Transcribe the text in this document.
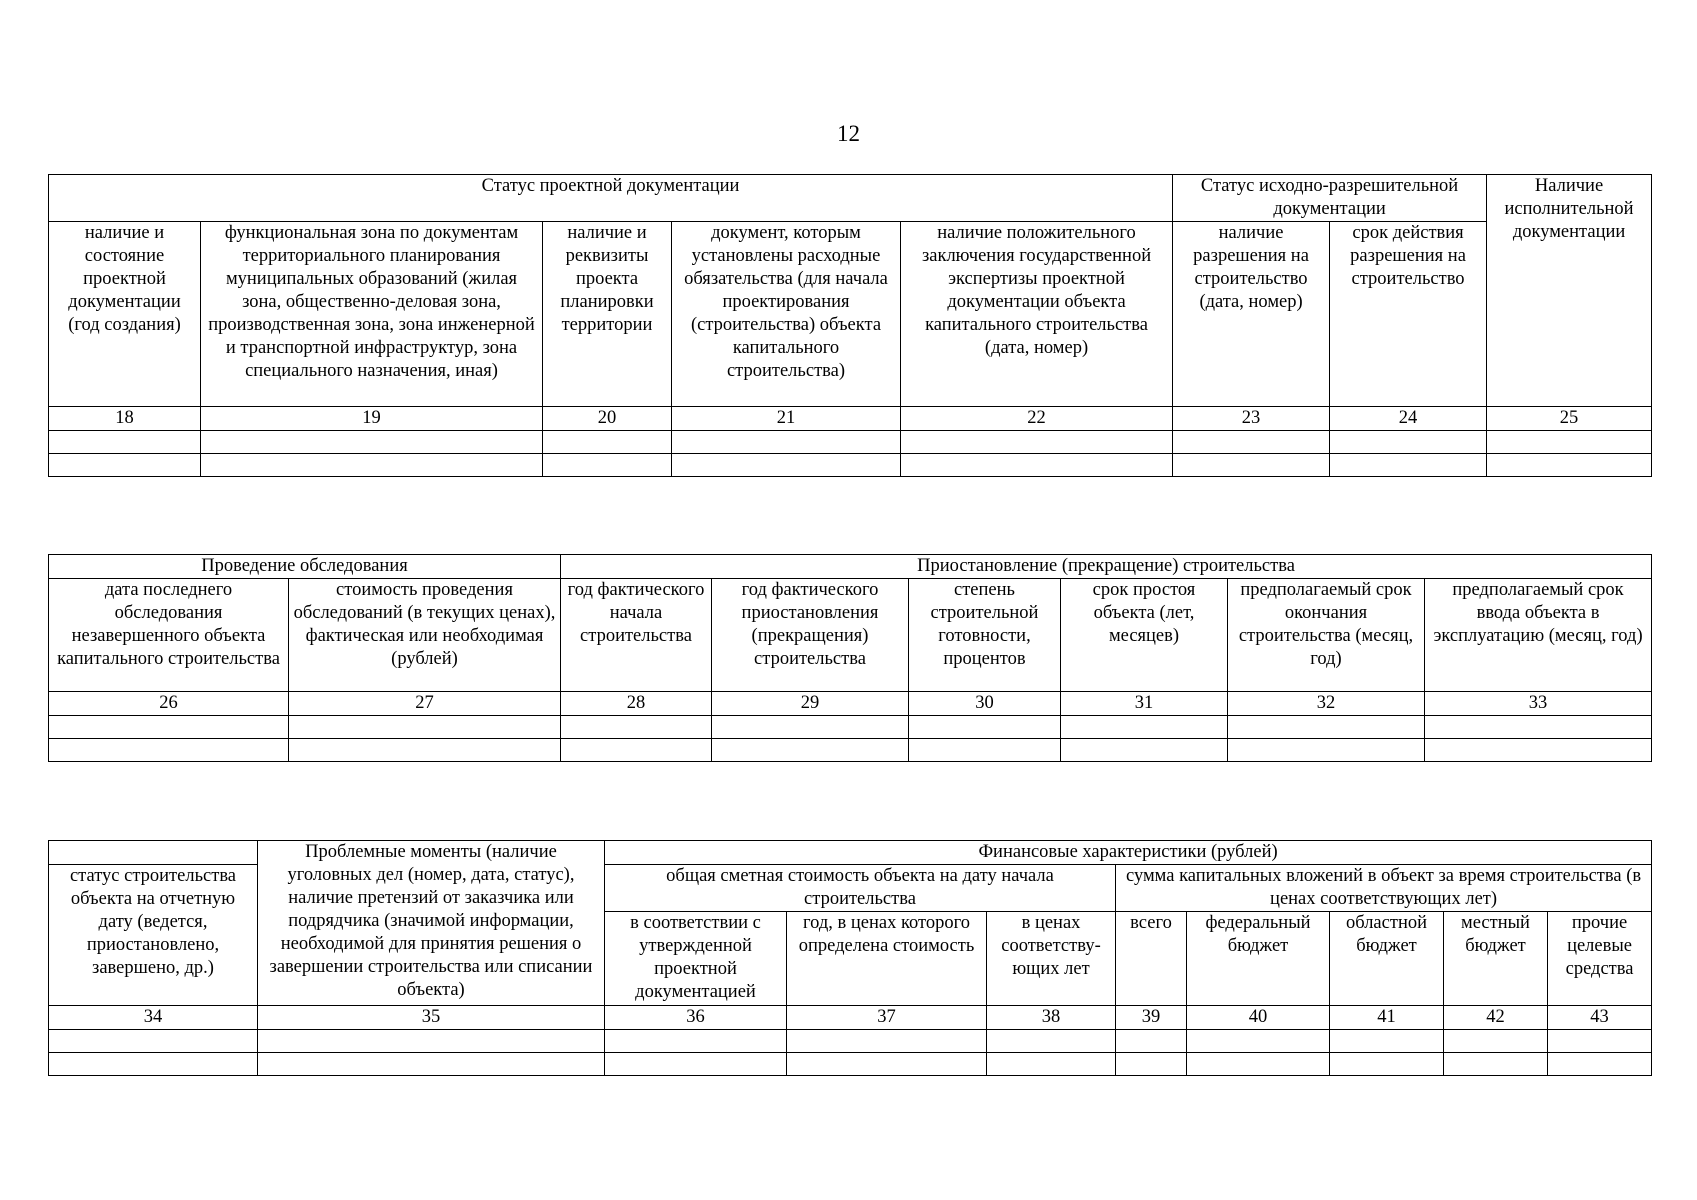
12
Статус проектной документации					Статус исходно-разрешительной документации		Наличие исполнительной документации
наличие и состояние проектной документации (год создания)	функциональная зона по документам территориального планирования муниципальных образований (жилая зона, общественно-деловая зона, производственная зона, зона инженерной и транспортной инфраструктур, зона специального назначения, иная)	наличие и реквизиты проекта планировки территории	документ, которым установлены расходные обязательства (для начала проектирования (строительства) объекта капитального строительства)	наличие положительного заключения государственной экспертизы проектной документации объекта капитального строительства (дата, номер)	наличие разрешения на строительство (дата, номер)	срок действия разрешения на строительство	
18	19	20	21	22	23	24	25

Проведение обследования		Приостановление (прекращение) строительства					
дата последнего обследования незавершенного объекта капитального строительства	стоимость проведения обследований (в текущих ценах), фактическая или необходимая (рублей)	год фактического начала строительства	год фактического приостановления (прекращения) строительства	степень строительной готовности, процентов	срок простоя объекта (лет, месяцев)	предполагаемый срок окончания строительства (месяц, год)	предполагаемый срок ввода объекта в эксплуатацию (месяц, год)
26	27	28	29	30	31	32	33

	Проблемные моменты (наличие уголовных дел (номер, дата, статус), наличие претензий от заказчика или подрядчика (значимой информации, необходимой для принятия решения о завершении строительства или списании объекта)	Финансовые характеристики (рублей)							
статус строительства объекта на отчетную дату (ведется, приостановлено, завершено, др.)		общая сметная стоимость объекта на дату начала строительства			сумма капитальных вложений в объект за время строительства (в ценах соответствующих лет)				
		в соответствии с утвержденной проектной документацией	год, в ценах которого определена стоимость	в ценах соответству-ющих лет	всего	федеральный бюджет	областной бюджет	местный бюджет	прочие целевые средства
34	35	36	37	38	39	40	41	42	43
